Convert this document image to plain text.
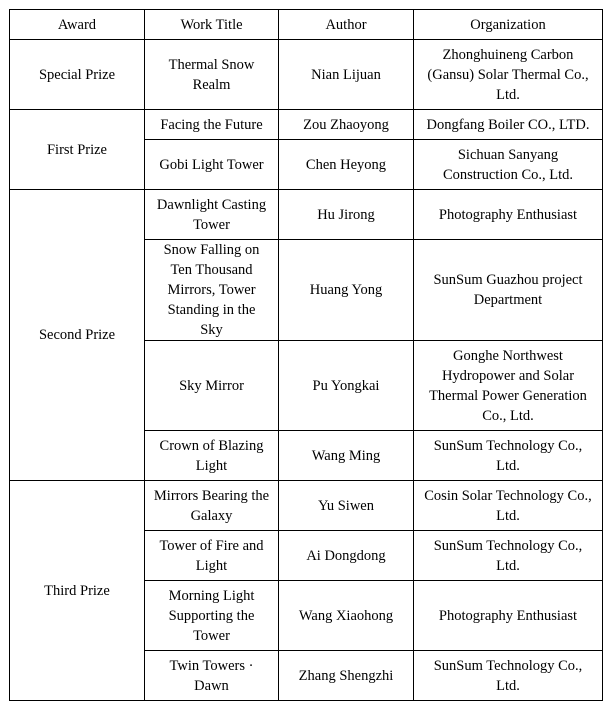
Award	Work Title	Author	Organization
Special Prize	Thermal Snow Realm	Nian Lijuan	Zhonghuineng Carbon (Gansu) Solar Thermal Co., Ltd.
First Prize	Facing the Future	Zou Zhaoyong	Dongfang Boiler CO., LTD.
	Gobi Light Tower	Chen Heyong	Sichuan Sanyang Construction Co., Ltd.
Second Prize	Dawnlight Casting Tower	Hu Jirong	Photography Enthusiast
	Snow Falling on Ten Thousand Mirrors, Tower Standing in the Sky	Huang Yong	SunSum Guazhou project Department
	Sky Mirror	Pu Yongkai	Gonghe Northwest Hydropower and Solar Thermal Power Generation Co., Ltd.
	Crown of Blazing Light	Wang Ming	SunSum Technology Co., Ltd.
Third Prize	Mirrors Bearing the Galaxy	Yu Siwen	Cosin Solar Technology Co., Ltd.
	Tower of Fire and Light	Ai Dongdong	SunSum Technology Co., Ltd.
	Morning Light Supporting the Tower	Wang Xiaohong	Photography Enthusiast
	Twin Towers · Dawn	Zhang Shengzhi	SunSum Technology Co., Ltd.
